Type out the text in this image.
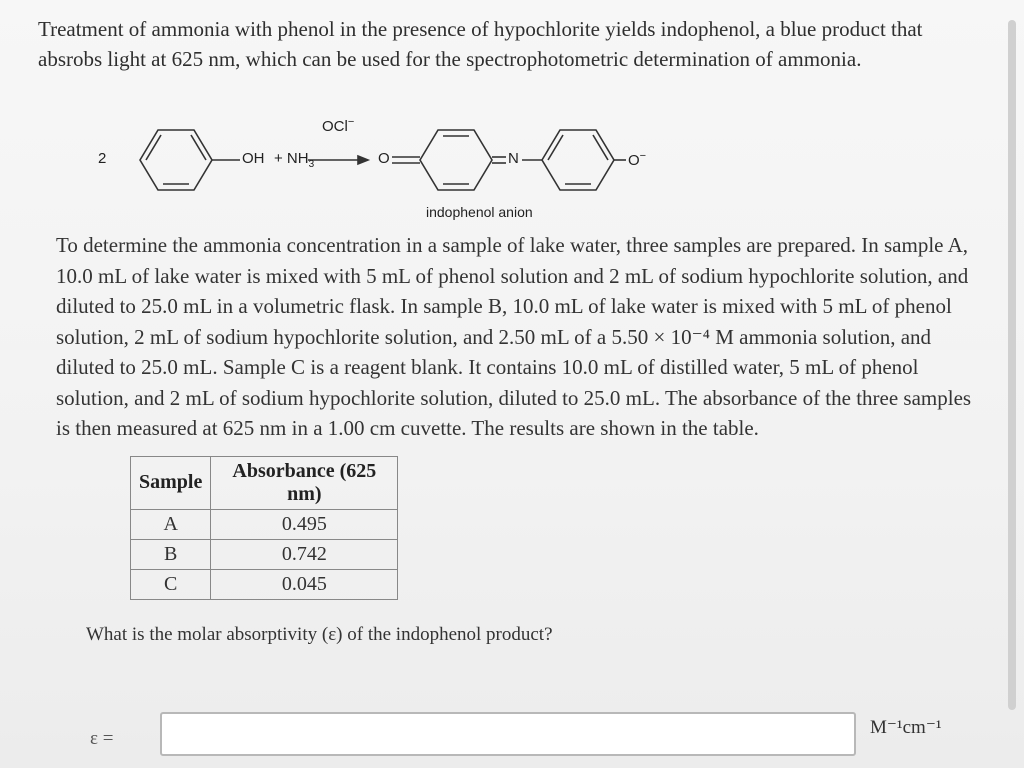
Treatment of ammonia with phenol in the presence of hypochlorite yields indophenol, a blue product that absrobs light at 625 nm, which can be used for the spectrophotometric determination of ammonia.

2	OH + $NH_3$
OCl−
O	N	O−
indophenol anion

To determine the ammonia concentration in a sample of lake water, three samples are prepared. In sample A, 10.0 mL of lake water is mixed with 5 mL of phenol solution and 2 mL of sodium hypochlorite solution, and diluted to 25.0 mL in a volumetric flask. In sample B, 10.0 mL of lake water is mixed with 5 mL of phenol solution, 2 mL of sodium hypochlorite solution, and 2.50 mL of a 5.50 × 10⁻⁴ M ammonia solution, and diluted to 25.0 mL. Sample C is a reagent blank. It contains 10.0 mL of distilled water, 5 mL of phenol solution, and 2 mL of sodium hypochlorite solution, diluted to 25.0 mL. The absorbance of the three samples is then measured at 625 nm in a 1.00 cm cuvette. The results are shown in the table.

Sample	Absorbance (625 nm)
A	0.495
B	0.742
C	0.045

What is the molar absorptivity (ε) of the indophenol product?

ε =
M⁻¹cm⁻¹
